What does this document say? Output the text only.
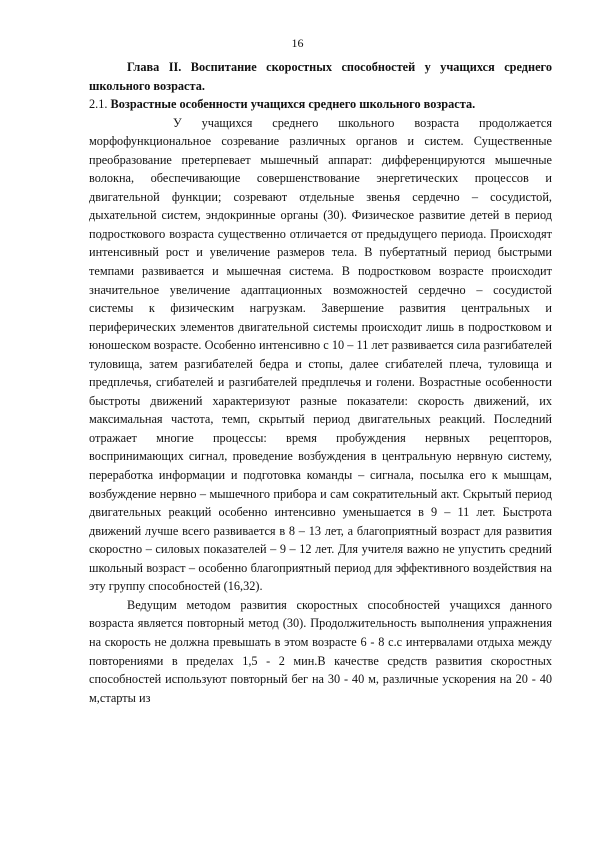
16

Глава II. Воспитание скоростных способностей у учащихся среднего школьного возраста.

2.1. Возрастные особенности учащихся среднего школьного возраста.

У учащихся среднего школьного возраста продолжается морфофункциональное созревание различных органов и систем. Существенные преобразование претерпевает мышечный аппарат: дифференцируются мышечные волокна, обеспечивающие совершенствование энергетических процессов и двигательной функции; созревают отдельные звенья сердечно – сосудистой, дыхательной систем, эндокринные органы (30). Физическое развитие детей в период подросткового возраста существенно отличается от предыдущего периода. Происходят интенсивный рост и увеличение размеров тела. В пубертатный период быстрыми темпами развивается и мышечная система. В подростковом возрасте происходит значительное увеличение адаптационных возможностей сердечно – сосудистой системы к физическим нагрузкам. Завершение развития центральных и периферических элементов двигательной системы происходит лишь в подростковом и юношеском возрасте. Особенно интенсивно с 10 – 11 лет развивается сила разгибателей туловища, затем разгибателей бедра и стопы, далее сгибателей плеча, туловища и предплечья, сгибателей и разгибателей предплечья и голени. Возрастные особенности быстроты движений характеризуют разные показатели: скорость движений, их максимальная частота, темп, скрытый период двигательных реакций. Последний отражает многие процессы: время пробуждения нервных рецепторов, воспринимающих сигнал, проведение возбуждения в центральную нервную систему, переработка информации и подготовка команды – сигнала, посылка его к мышцам, возбуждение нервно – мышечного прибора и сам сократительный акт. Скрытый период двигательных реакций особенно интенсивно уменьшается в 9 – 11 лет. Быстрота движений лучше всего развивается в 8 – 13 лет, а благоприятный возраст для развития скоростно – силовых показателей – 9 – 12 лет. Для учителя важно не упустить средний школьный возраст – особенно благоприятный период для эффективного воздействия на эту группу способностей (16,32).

Ведущим методом развития скоростных способностей учащихся данного возраста является повторный метод (30). Продолжительность выполнения упражнения на скорость не должна превышать в этом возрасте 6 - 8 с.с интервалами отдыха между повторениями в пределах 1,5 - 2 мин.В качестве средств развития скоростных способностей используют повторный бег на 30 - 40 м, различные ускорения на 20 - 40 м,старты из
